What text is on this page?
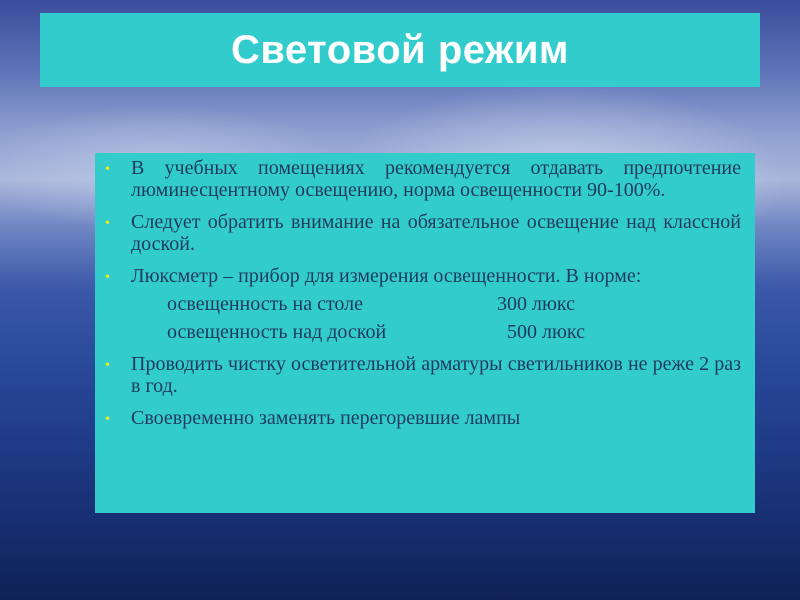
Световой режим
• В учебных помещениях рекомендуется отдавать предпочтение люминесцентному освещению, норма освещенности 90-100%.
• Следует обратить внимание на обязательное освещение над классной доской.
• Люксметр – прибор для измерения освещенности. В норме:
освещенность на столе	300 люкс
освещенность над доской	500 люкс
• Проводить чистку осветительной арматуры светильников не реже 2 раз в год.
• Своевременно заменять перегоревшие лампы
